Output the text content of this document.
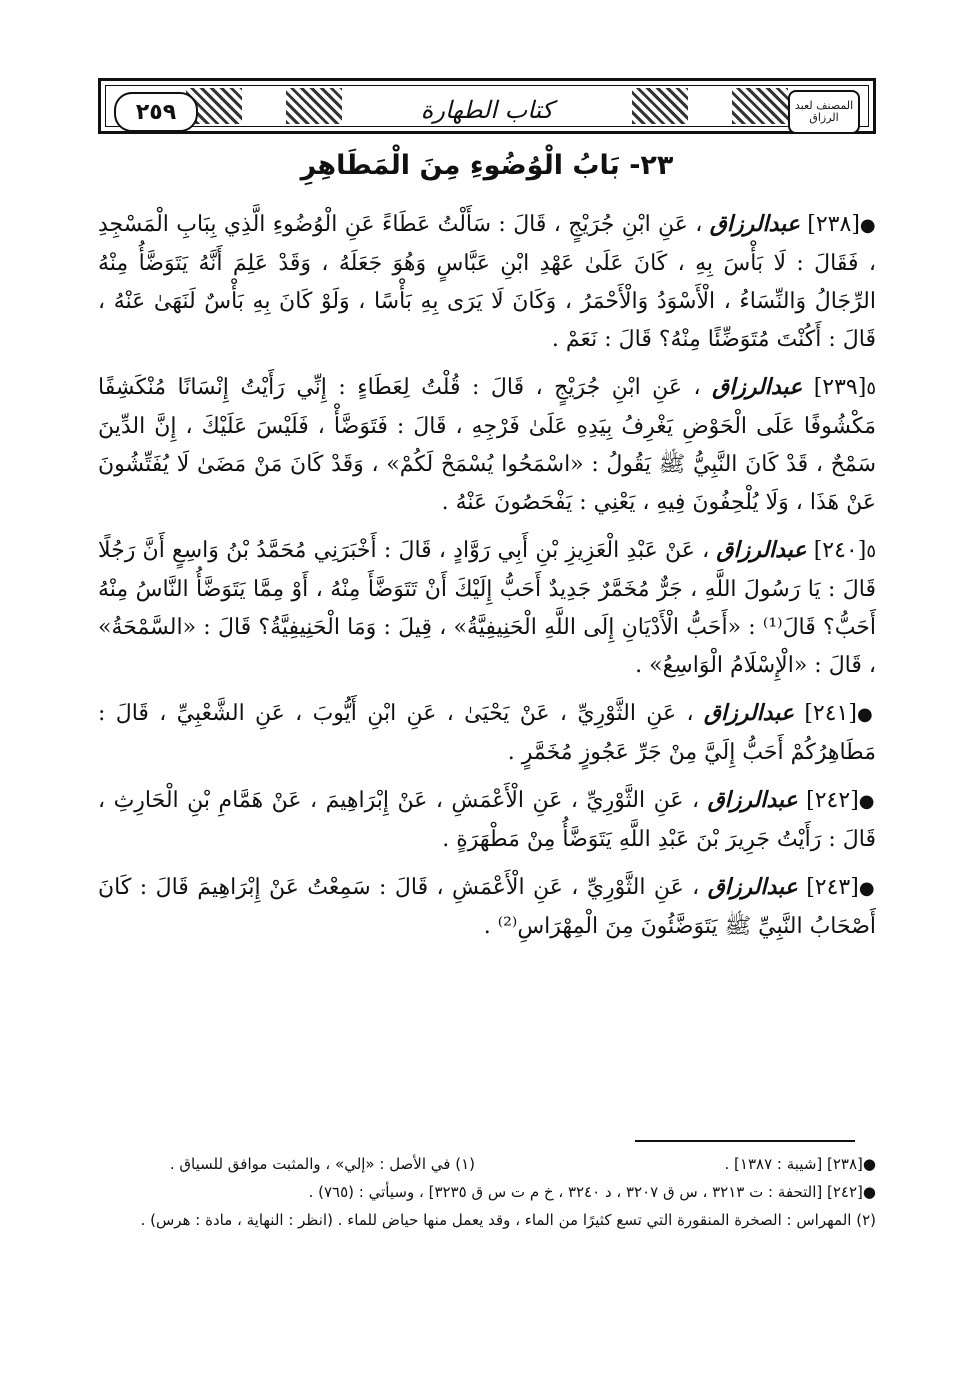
٢٥٩	كتاب الطهارة	المصنف لعبد الرزاق
٢٣- بَابُ الْوُضُوءِ مِنَ الْمَطَاهِرِ

●[٢٣٨] عبدالرزاق ، عَنِ ابْنِ جُرَيْجٍ ، قَالَ : سَأَلْتُ عَطَاءً عَنِ الْوُضُوءِ الَّذِي بِبَابِ الْمَسْجِدِ ، فَقَالَ : لَا بَأْسَ بِهِ ، كَانَ عَلَىٰ عَهْدِ ابْنِ عَبَّاسٍ وَهُوَ جَعَلَهُ ، وَقَدْ عَلِمَ أَنَّهُ يَتَوَضَّأُ مِنْهُ الرِّجَالُ وَالنِّسَاءُ ، الْأَسْوَدُ وَالْأَحْمَرُ ، وَكَانَ لَا يَرَى بِهِ بَأْسًا ، وَلَوْ كَانَ بِهِ بَأْسٌ لَنَهَىٰ عَنْهُ ، قَالَ : أَكُنْتَ مُتَوَضِّئًا مِنْهُ؟ قَالَ : نَعَمْ .

٥[٢٣٩] عبدالرزاق ، عَنِ ابْنِ جُرَيْجٍ ، قَالَ : قُلْتُ لِعَطَاءٍ : إِنِّي رَأَيْتُ إِنْسَانًا مُنْكَشِفًا مَكْشُوفًا عَلَى الْحَوْضِ يَغْرِفُ بِيَدِهِ عَلَىٰ فَرْجِهِ ، قَالَ : فَتَوَضَّأْ ، فَلَيْسَ عَلَيْكَ ، إِنَّ الدِّينَ سَمْحٌ ، قَدْ كَانَ النَّبِيُّ ﷺ يَقُولُ : «اسْمَحُوا يُسْمَحْ لَكُمْ» ، وَقَدْ كَانَ مَنْ مَضَىٰ لَا يُفَتِّشُونَ عَنْ هَذَا ، وَلَا يُلْحِفُونَ فِيهِ ، يَعْنِي : يَفْحَصُونَ عَنْهُ .

٥[٢٤٠] عبدالرزاق ، عَنْ عَبْدِ الْعَزِيزِ بْنِ أَبِي رَوَّادٍ ، قَالَ : أَخْبَرَنِي مُحَمَّدُ بْنُ وَاسِعٍ أَنَّ رَجُلًا قَالَ : يَا رَسُولَ اللَّهِ ، جَرٌّ مُخَمَّرٌ جَدِيدٌ أَحَبُّ إِلَيْكَ أَنْ تَتَوَضَّأَ مِنْهُ ، أَوْ مِمَّا يَتَوَضَّأُ النَّاسُ مِنْهُ أَحَبُّ؟ قَالَ⁽¹⁾ : «أَحَبُّ الْأَدْيَانِ إِلَى اللَّهِ الْحَنِيفِيَّةُ» ، قِيلَ : وَمَا الْحَنِيفِيَّةُ؟ قَالَ : «السَّمْحَةُ» ، قَالَ : «الْإِسْلَامُ الْوَاسِعُ» .

●[٢٤١] عبدالرزاق ، عَنِ الثَّوْرِيِّ ، عَنْ يَحْيَىٰ ، عَنِ ابْنِ أَيُّوبَ ، عَنِ الشَّعْبِيِّ ، قَالَ : مَطَاهِرُكُمْ أَحَبُّ إِلَيَّ مِنْ جَرِّ عَجُوزٍ مُخَمَّرٍ .

●[٢٤٢] عبدالرزاق ، عَنِ الثَّوْرِيِّ ، عَنِ الْأَعْمَشِ ، عَنْ إِبْرَاهِيمَ ، عَنْ هَمَّامِ بْنِ الْحَارِثِ ، قَالَ : رَأَيْتُ جَرِيرَ بْنَ عَبْدِ اللَّهِ يَتَوَضَّأُ مِنْ مَطْهَرَةٍ .

●[٢٤٣] عبدالرزاق ، عَنِ الثَّوْرِيِّ ، عَنِ الْأَعْمَشِ ، قَالَ : سَمِعْتُ عَنْ إِبْرَاهِيمَ قَالَ : كَانَ أَصْحَابُ النَّبِيِّ ﷺ يَتَوَضَّئُونَ مِنَ الْمِهْرَاسِ⁽²⁾ .

●[٢٣٨] [شيبة : ١٣٨٧] .
(١) في الأصل : «إلي» ، والمثبت موافق للسياق .

●[٢٤٢] [التحفة : ت ٣٢١٣ ، س ق ٣٢٠٧ ، د ٣٢٤٠ ، خ م ت س ق ٣٢٣٥] ، وسيأتي : (٧٦٥) .

(٢) المهراس : الصخرة المنقورة التي تسع كثيرًا من الماء ، وقد يعمل منها حياض للماء . (انظر : النهاية ، مادة : هرس) .
